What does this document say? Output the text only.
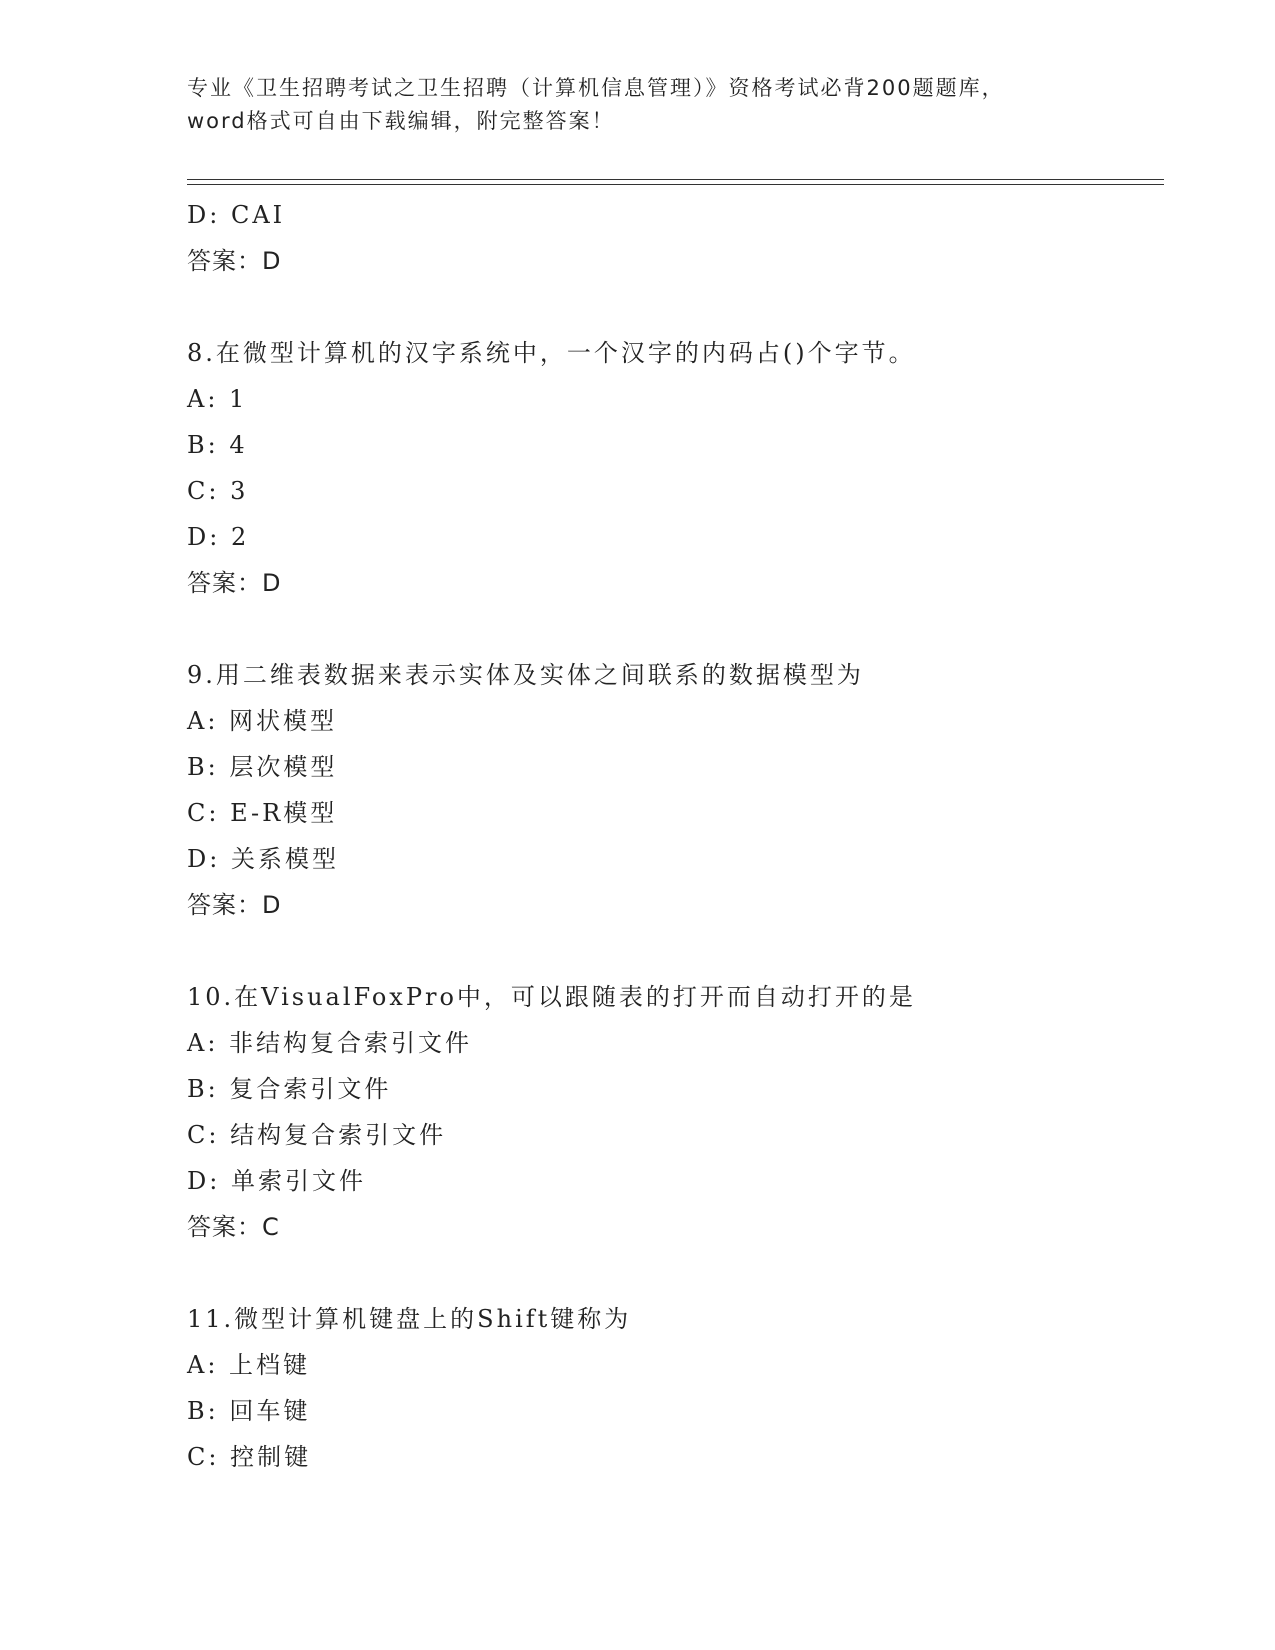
专业《卫生招聘考试之卫生招聘（计算机信息管理）》资格考试必背200题题库，
word格式可自由下载编辑，附完整答案！
D: CAI
答案：D
8.在微型计算机的汉字系统中，一个汉字的内码占()个字节。
A: 1
B: 4
C: 3
D: 2
答案：D
9.用二维表数据来表示实体及实体之间联系的数据模型为
A: 网状模型
B: 层次模型
C: E-R模型
D: 关系模型
答案：D
10.在VisualFoxPro中，可以跟随表的打开而自动打开的是
A: 非结构复合索引文件
B: 复合索引文件
C: 结构复合索引文件
D: 单索引文件
答案：C
11.微型计算机键盘上的Shift键称为
A: 上档键
B: 回车键
C: 控制键
